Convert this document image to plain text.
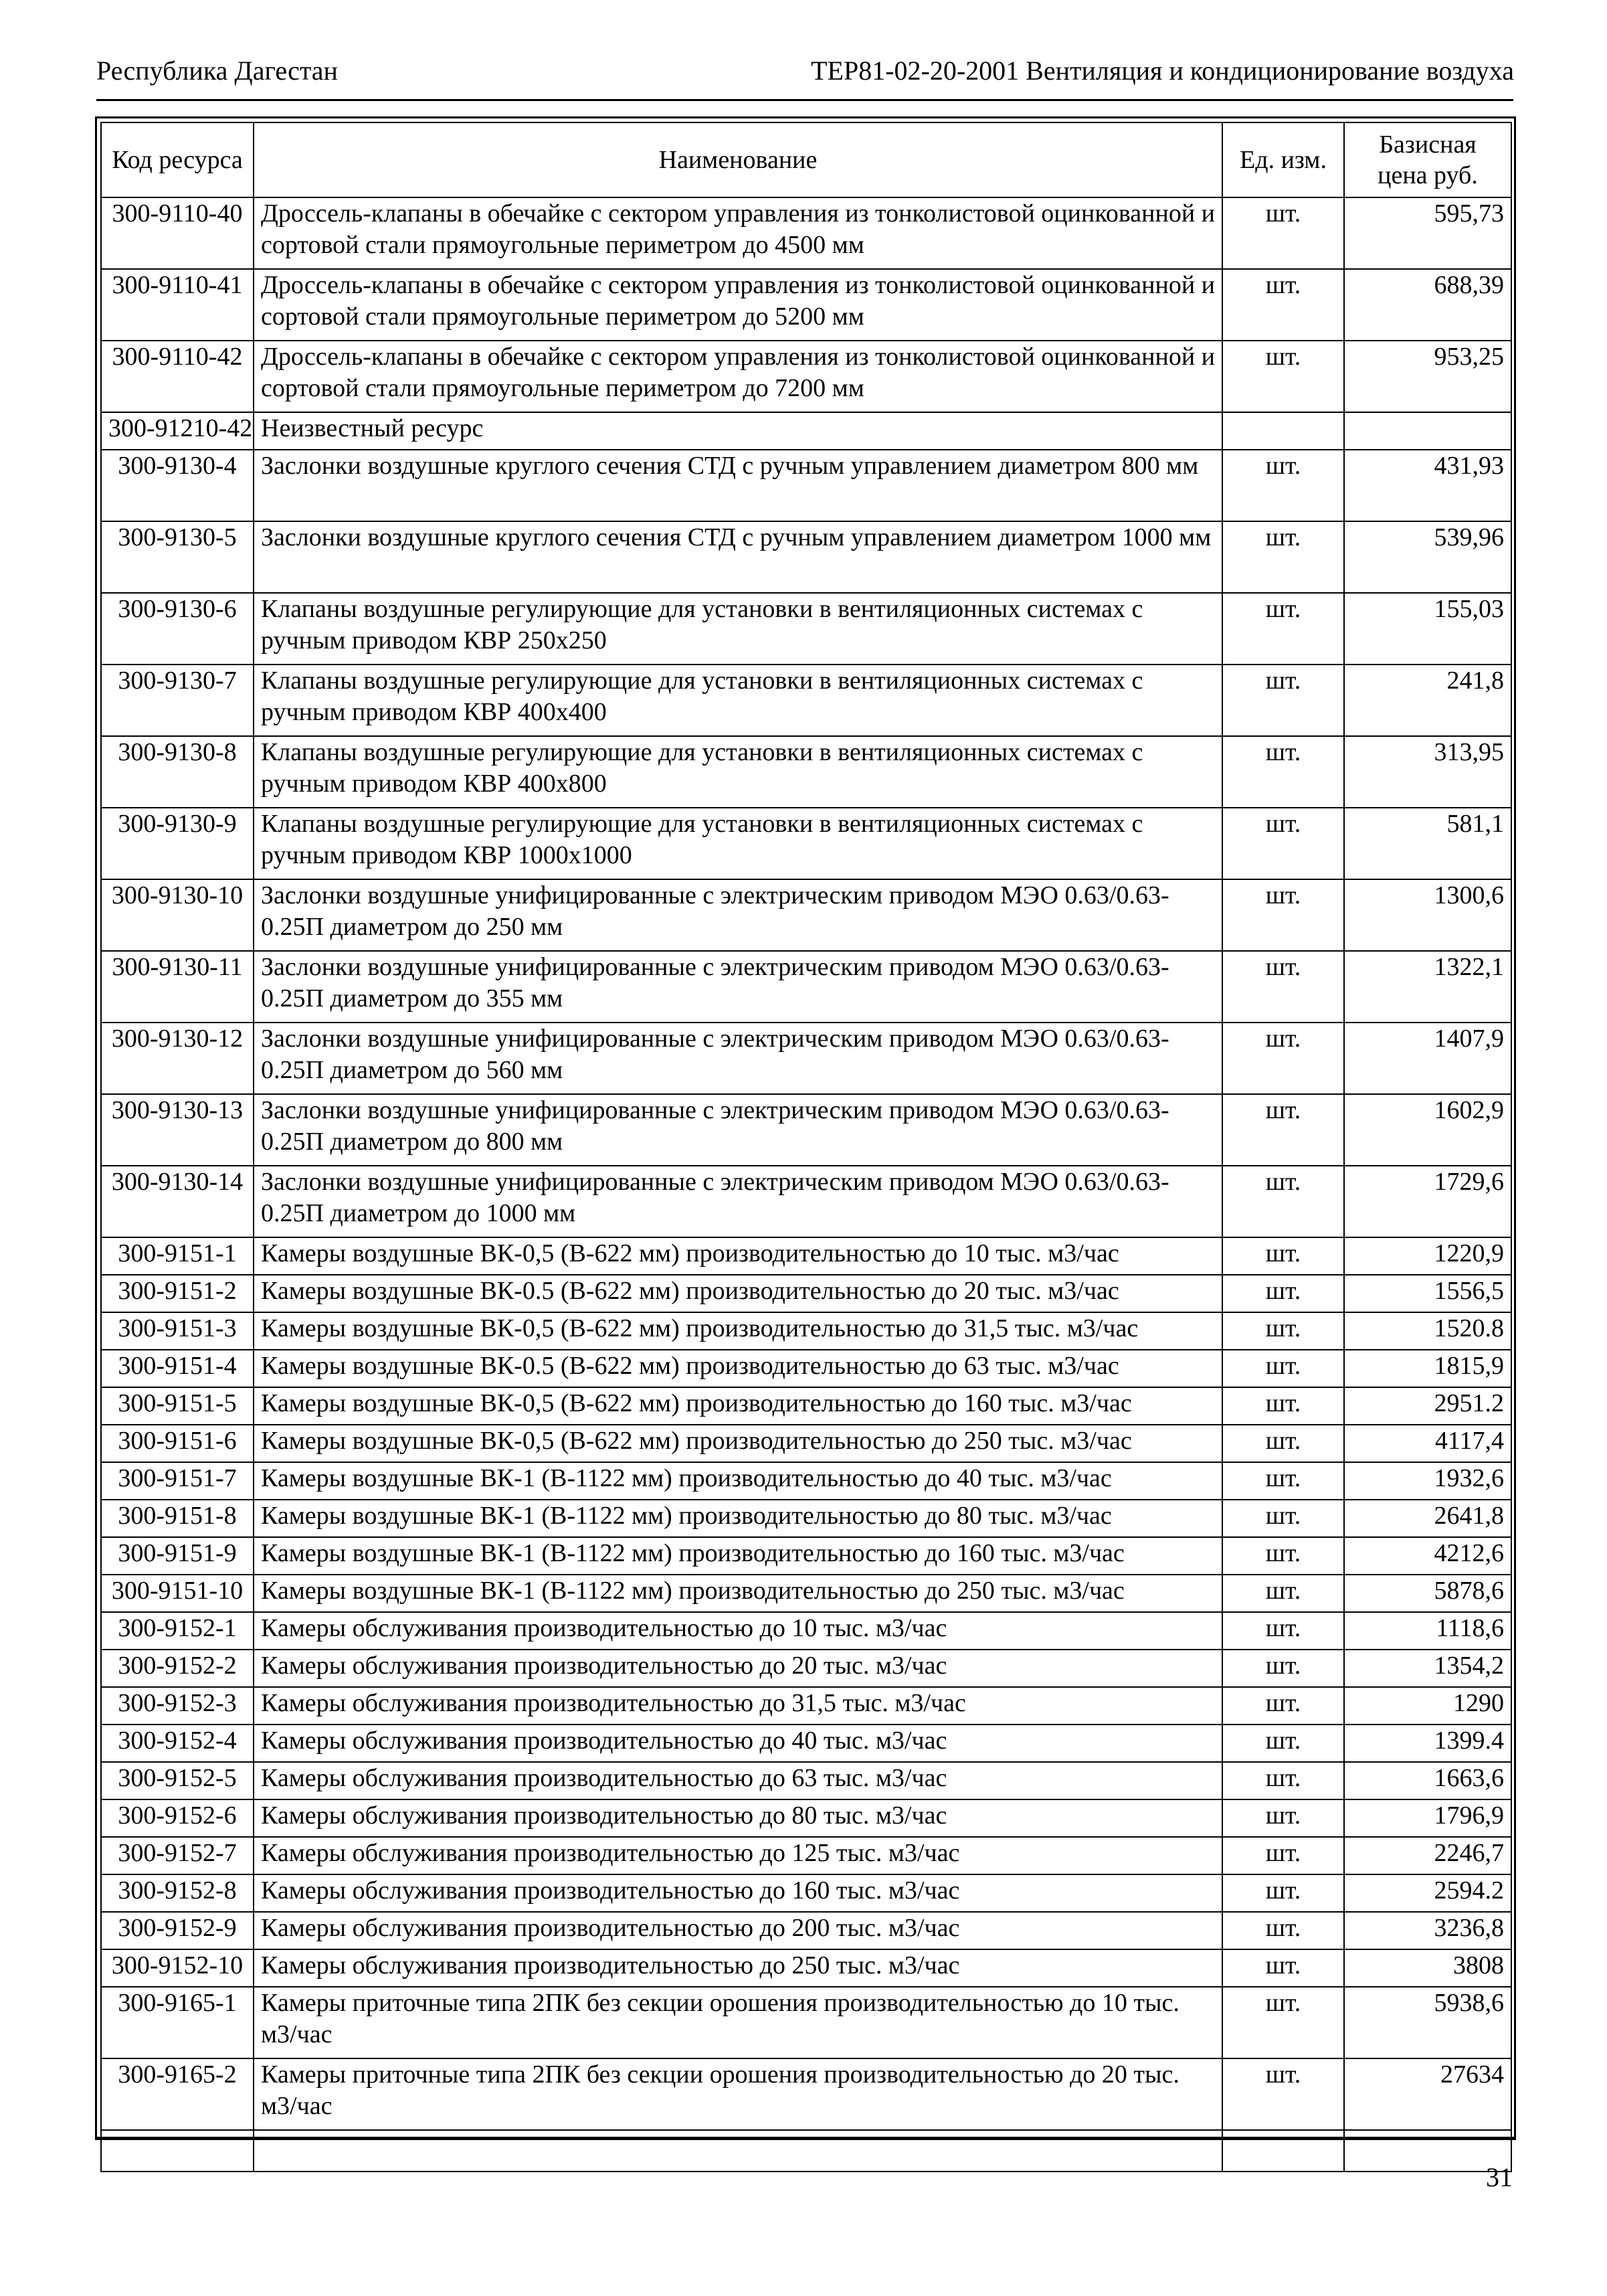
Республика Дагестан	ТЕР81-02-20-2001 Вентиляция и кондиционирование воздуха
Код ресурса	Наименование	Ед. изм.	Базисная цена руб.
300-9110-40	Дроссель-клапаны в обечайке с сектором управления из тонколистовой оцинкованной и сортовой стали прямоугольные периметром до 4500 мм	шт.	595,73
300-9110-41	Дроссель-клапаны в обечайке с сектором управления из тонколистовой оцинкованной и сортовой стали прямоугольные периметром до 5200 мм	шт.	688,39
300-9110-42	Дроссель-клапаны в обечайке с сектором управления из тонколистовой оцинкованной и сортовой стали прямоугольные периметром до 7200 мм	шт.	953,25
300-91210-42	Неизвестный ресурс		
300-9130-4	Заслонки воздушные круглого сечения СТД с ручным управлением диаметром 800 мм	шт.	431,93
300-9130-5	Заслонки воздушные круглого сечения СТД с ручным управлением диаметром 1000 мм	шт.	539,96
300-9130-6	Клапаны воздушные регулирующие для установки в вентиляционных системах с ручным приводом КВР 250х250	шт.	155,03
300-9130-7	Клапаны воздушные регулирующие для установки в вентиляционных системах с ручным приводом КВР 400х400	шт.	241,8
300-9130-8	Клапаны воздушные регулирующие для установки в вентиляционных системах с ручным приводом КВР 400х800	шт.	313,95
300-9130-9	Клапаны воздушные регулирующие для установки в вентиляционных системах с ручным приводом КВР 1000х1000	шт.	581,1
300-9130-10	Заслонки воздушные унифицированные с электрическим приводом МЭО 0.63/0.63-0.25П диаметром до 250 мм	шт.	1300,6
300-9130-11	Заслонки воздушные унифицированные с электрическим приводом МЭО 0.63/0.63-0.25П диаметром до 355 мм	шт.	1322,1
300-9130-12	Заслонки воздушные унифицированные с электрическим приводом МЭО 0.63/0.63-0.25П диаметром до 560 мм	шт.	1407,9
300-9130-13	Заслонки воздушные унифицированные с электрическим приводом МЭО 0.63/0.63-0.25П диаметром до 800 мм	шт.	1602,9
300-9130-14	Заслонки воздушные унифицированные с электрическим приводом МЭО 0.63/0.63-0.25П диаметром до 1000 мм	шт.	1729,6
300-9151-1	Камеры воздушные ВК-0,5 (В-622 мм) производительностью до 10 тыс. м3/час	шт.	1220,9
300-9151-2	Камеры воздушные ВК-0.5 (В-622 мм) производительностью до 20 тыс. м3/час	шт.	1556,5
300-9151-3	Камеры воздушные ВК-0,5 (В-622 мм) производительностью до 31,5 тыс. м3/час	шт.	1520.8
300-9151-4	Камеры воздушные ВК-0.5 (В-622 мм) производительностью до 63 тыс. м3/час	шт.	1815,9
300-9151-5	Камеры воздушные ВК-0,5 (В-622 мм) производительностью до 160 тыс. м3/час	шт.	2951.2
300-9151-6	Камеры воздушные ВК-0,5 (В-622 мм) производительностью до 250 тыс. м3/час	шт.	4117,4
300-9151-7	Камеры воздушные ВК-1 (В-1122 мм) производительностью до 40 тыс. м3/час	шт.	1932,6
300-9151-8	Камеры воздушные ВК-1 (В-1122 мм) производительностью до 80 тыс. м3/час	шт.	2641,8
300-9151-9	Камеры воздушные ВК-1 (В-1122 мм) производительностью до 160 тыс. м3/час	шт.	4212,6
300-9151-10	Камеры воздушные ВК-1 (В-1122 мм) производительностью до 250 тыс. м3/час	шт.	5878,6
300-9152-1	Камеры обслуживания производительностью до 10 тыс. м3/час	шт.	1118,6
300-9152-2	Камеры обслуживания производительностью до 20 тыс. м3/час	шт.	1354,2
300-9152-3	Камеры обслуживания производительностью до 31,5 тыс. м3/час	шт.	1290
300-9152-4	Камеры обслуживания производительностью до 40 тыс. м3/час	шт.	1399.4
300-9152-5	Камеры обслуживания производительностью до 63 тыс. м3/час	шт.	1663,6
300-9152-6	Камеры обслуживания производительностью до 80 тыс. м3/час	шт.	1796,9
300-9152-7	Камеры обслуживания производительностью до 125 тыс. м3/час	шт.	2246,7
300-9152-8	Камеры обслуживания производительностью до 160 тыс. м3/час	шт.	2594.2
300-9152-9	Камеры обслуживания производительностью до 200 тыс. м3/час	шт.	3236,8
300-9152-10	Камеры обслуживания производительностью до 250 тыс. м3/час	шт.	3808
300-9165-1	Камеры приточные типа 2ПК без секции орошения производительностью до 10 тыс. м3/час	шт.	5938,6
300-9165-2	Камеры приточные типа 2ПК без секции орошения производительностью до 20 тыс. м3/час	шт.	27634

31
